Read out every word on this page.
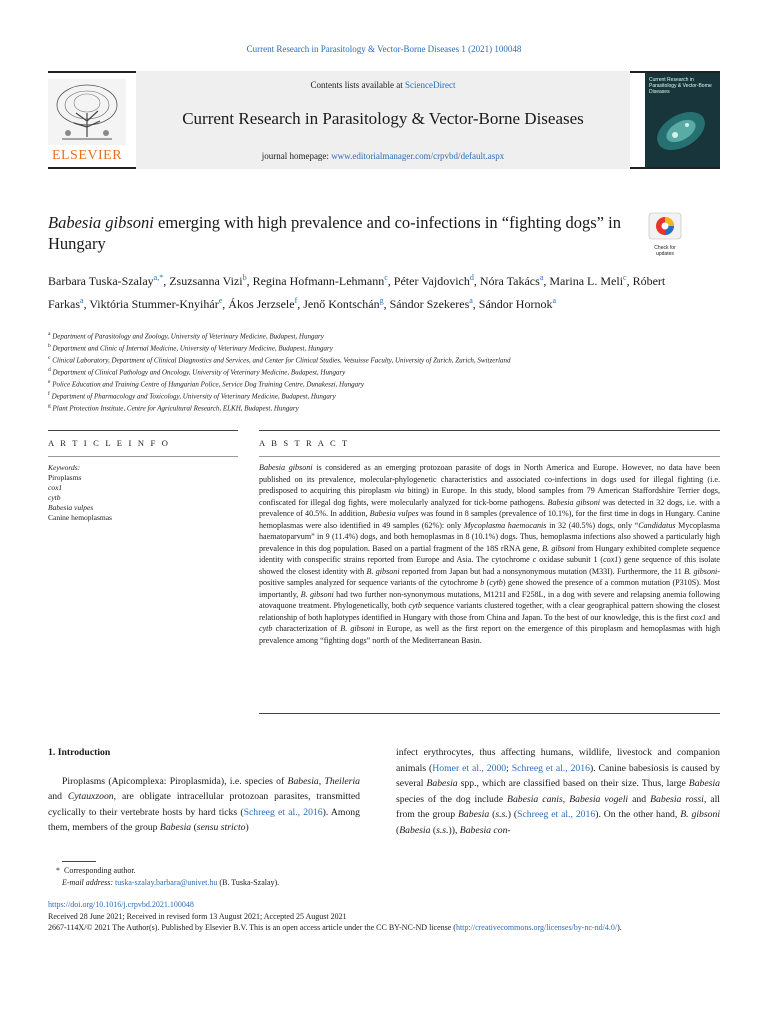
Current Research in Parasitology & Vector-Borne Diseases 1 (2021) 100048
ELSEVIER
Contents lists available at ScienceDirect
Current Research in Parasitology & Vector-Borne Diseases
journal homepage: www.editorialmanager.com/crpvbd/default.aspx
Current Research in Parasitology & Vector-Borne Diseases
Babesia gibsoni emerging with high prevalence and co-infections in “fighting dogs” in Hungary	Check for updates
Barbara Tuska-Szalay$^{a,*}$, Zsuzsanna Vizi$^b$, Regina Hofmann-Lehmann$^c$, Péter Vajdovich$^d$, Nóra Takács$^a$, Marina L. Meli$^c$, Róbert Farkas$^a$, Viktória Stummer-Knyihár$^e$, Ákos Jerzsele$^f$, Jenő Kontschán$^g$, Sándor Szekeres$^a$, Sándor Hornok$^a$
$^a$ Department of Parasitology and Zoology, University of Veterinary Medicine, Budapest, Hungary
$^b$ Department and Clinic of Internal Medicine, University of Veterinary Medicine, Budapest, Hungary
$^c$ Clinical Laboratory, Department of Clinical Diagnostics and Services, and Center for Clinical Studies, Vetsuisse Faculty, University of Zurich, Zurich, Switzerland
$^d$ Department of Clinical Pathology and Oncology, University of Veterinary Medicine, Budapest, Hungary
$^e$ Police Education and Training Centre of Hungarian Police, Service Dog Training Centre, Dunakeszi, Hungary
$^f$ Department of Pharmacology and Toxicology, University of Veterinary Medicine, Budapest, Hungary
$^g$ Plant Protection Institute, Centre for Agricultural Research, ELKH, Budapest, Hungary
A R T I C L E I N F O	A B S T R A C T
Keywords:
Piroplasms
cox1
cytb
Babesia vulpes
Canine hemoplasmas
Babesia gibsoni is considered as an emerging protozoan parasite of dogs in North America and Europe. However, no data have been published on its prevalence, molecular-phylogenetic characteristics and associated co-infections in dogs used for illegal fighting (i.e. predisposed to acquiring this piroplasm via biting) in Europe. In this study, blood samples from 79 American Staffordshire Terrier dogs, confiscated for illegal dog fights, were molecularly analyzed for tick-borne pathogens. Babesia gibsoni was detected in 32 dogs, i.e. with a prevalence of 40.5%. In addition, Babesia vulpes was found in 8 samples (prevalence of 10.1%), for the first time in dogs in Hungary. Canine hemoplasmas were also identified in 49 samples (62%): only Mycoplasma haemocanis in 32 (40.5%) dogs, only “Candidatus Mycoplasma haematoparvum” in 9 (11.4%) dogs, and both hemoplasmas in 8 (10.1%) dogs. Thus, hemoplasma infections also showed a particularly high prevalence in this dog population. Based on a partial fragment of the 18S rRNA gene, B. gibsoni from Hungary exhibited complete sequence identity with conspecific strains reported from Europe and Asia. The cytochrome c oxidase subunit 1 (cox1) gene sequence of this isolate showed the closest identity with B. gibsoni reported from Japan but had a nonsynonymous mutation (M33I). Furthermore, the 11 B. gibsoni-positive samples analyzed for sequence variants of the cytochrome b (cytb) gene showed the presence of a common mutation (P310S). Most importantly, B. gibsoni had two further non-synonymous mutations, M121I and F258L, in a dog with severe and relapsing anemia following atovaquone treatment. Phylogenetically, both cytb sequence variants clustered together, with a clear geographical pattern showing the closest relationship of both haplotypes identified in Hungary with those from China and Japan. To the best of our knowledge, this is the first cox1 and cytb characterization of B. gibsoni in Europe, as well as the first report on the emergence of this piroplasm and hemoplasmas with high prevalence among “fighting dogs” north of the Mediterranean Basin.
1. Introduction

Piroplasms (Apicomplexa: Piroplasmida), i.e. species of Babesia, Theileria and Cytauxzoon, are obligate intracellular protozoan parasites, transmitted cyclically to their vertebrate hosts by hard ticks (Schreeg et al., 2016). Among them, members of the group Babesia (sensu stricto)

infect erythrocytes, thus affecting humans, wildlife, livestock and companion animals (Homer et al., 2000; Schreeg et al., 2016). Canine babesiosis is caused by several Babesia spp., which are classified based on their size. Thus, large Babesia species of the dog include Babesia canis, Babesia vogeli and Babesia rossi, all from the group Babesia (s.s.) (Schreeg et al., 2016). On the other hand, B. gibsoni (Babesia (s.s.)), Babesia con-

* Corresponding author.
E-mail address: tuska-szalay.barbara@univet.hu (B. Tuska-Szalay).
https://doi.org/10.1016/j.crpvbd.2021.100048
Received 28 June 2021; Received in revised form 13 August 2021; Accepted 25 August 2021
2667-114X/© 2021 The Author(s). Published by Elsevier B.V. This is an open access article under the CC BY-NC-ND license (http://creativecommons.org/licenses/by-nc-nd/4.0/).
